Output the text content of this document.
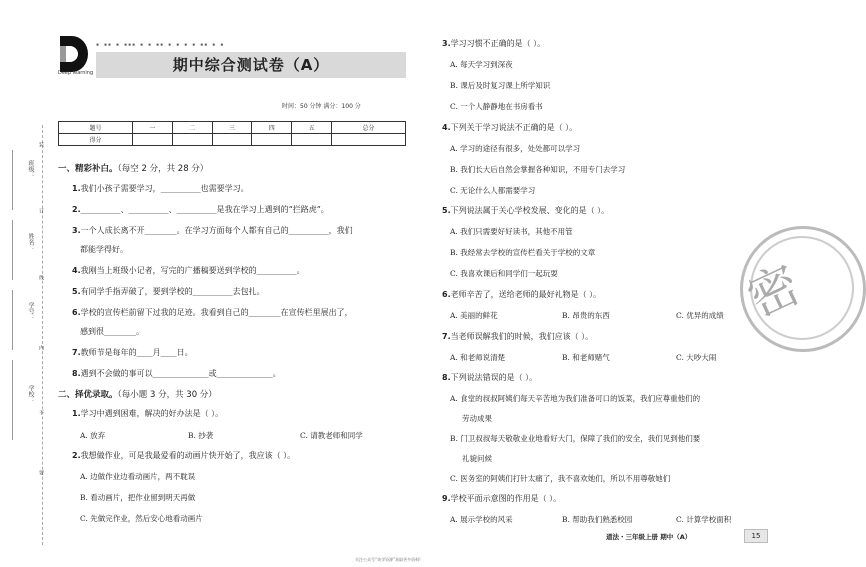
Deep learning
▪ ▪▪ ▪ ▪▪▪ ▪ ▪ ▪▪ ▪ ▪ ▪ ▪ ▪▪ ▪ ▪
期中综合测试卷（A）
时间：50 分钟 满分：100 分
题号	一	二	三	四	五	总分
得分						
班级：
姓名：
学号：
学校：
装
订
线
内
不
要
一、精彩补白。（每空 2 分，共 28 分）
1.我们小孩子需要学习，__________也需要学习。
2.__________、__________、__________是我在学习上遇到的“拦路虎”。
3.一个人成长离不开________。在学习方面每个人都有自己的__________，我们
都能学得好。
4.我刚当上班级小记者，写完的广播稿要送到学校的__________。
5.有同学手指弄破了，要到学校的__________去包扎。
6.学校的宣传栏前留下过我的足迹。我看到自己的________在宣传栏里展出了，
感到很________。
7.教师节是每年的____月____日。
8.遇到不会做的事可以______________或______________。
二、择优录取。（每小题 3 分，共 30 分）
1.学习中遇到困难，解决的好办法是（ ）。
A. 放弃	B. 抄袭	C. 请教老师和同学
2.我想做作业，可是我最爱看的动画片快开始了，我应该（ ）。
A. 边做作业边看动画片，两不耽误
B. 看动画片，把作业留到明天再做
C. 先做完作业，然后安心地看动画片
3.学习习惯不正确的是（ ）。
A. 每天学习到深夜
B. 课后及时复习课上所学知识
C. 一个人静静地在书房看书
4.下列关于学习说法不正确的是（ ）。
A. 学习的途径有很多，处处都可以学习
B. 我们长大后自然会掌握各种知识，不用专门去学习
C. 无论什么人都需要学习
5.下列说法属于关心学校发展、变化的是（ ）。
A. 我们只需要好好读书，其他不用管
B. 我经常去学校的宣传栏看关于学校的文章
C. 我喜欢课后和同学们一起玩耍
6.老师辛苦了，送给老师的最好礼物是（ ）。
A. 美丽的鲜花	B. 昂贵的东西	C. 优异的成绩
7.当老师误解我们的时候，我们应该（ ）。
A. 和老师说清楚	B. 和老师赌气	C. 大吵大闹
8.下列说法错误的是（ ）。
A. 食堂的叔叔阿姨们每天辛苦地为我们准备可口的饭菜，我们应尊重他们的
劳动成果
B. 门卫叔叔每天敬敬业业地看好大门，保障了我们的安全，我们见到他们要
礼貌问候
C. 医务室的阿姨们打针太痛了，我不喜欢她们，所以不用尊敬她们
9.学校平面示意图的作用是（ ）。
A. 展示学校的风采	B. 帮助我们熟悉校园	C. 计算学校面积
密
道法・三年级上册 期中（A）	15
关注公众号“英学资源”获取更多资料!
